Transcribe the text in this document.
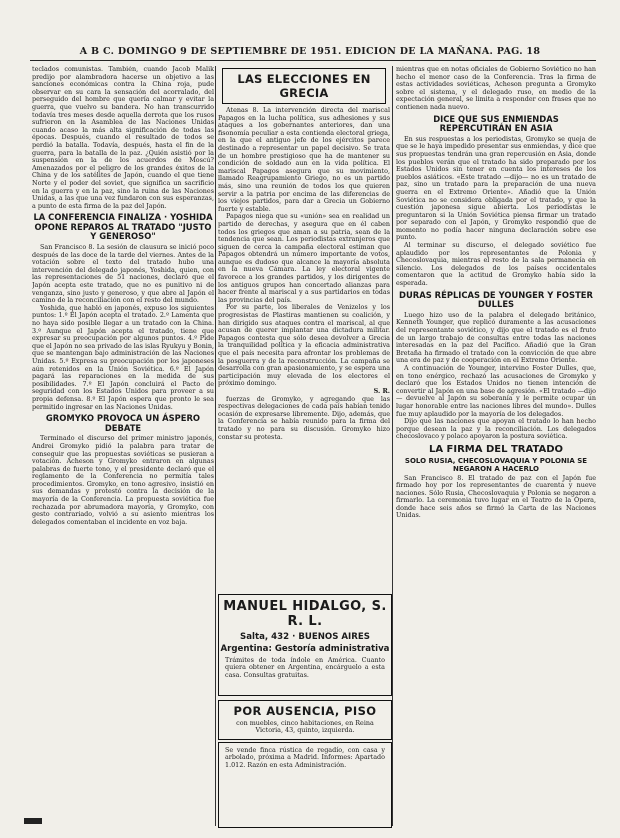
A B C. DOMINGO 9 DE SEPTIEMBRE DE 1951. EDICION DE LA MAÑANA. PAG. 18

teclados comunistas. También, cuando Jacob Malik predijo por alambradora hacerse un objetivo a las sanciones económicas contra la China roja, pude observar en su cara la sensación del acorralado, del perseguido del hombre que quería calmar y evitar la guerra, que vuelvo su bandera. No han transcurrido todavía tres meses desde aquella derrota que los rusos sufrieron en la Asamblea de las Naciones Unidas cuando acaso la más alta significación de todas las épocas. Después, cuando el resultado de todos se perdió la batalla. Todavía, después, hasta el fin de la guerra, para la batalla de la paz. ¿Quién asistió por la suspensión en la de los acuerdos de Moscú? Amenazados por el peligro de los grandes éxitos de la China y de los satélites de Japón, cuando el que tiene Norte y el poder del soviet, que significa un sacrificio en la guerra y en la paz, sino la ruina de las Naciones Unidas, a las que una vez fundaron con sus esperanzas, a punto de esta firma de la paz del Japón.

LA CONFERENCIA FINALIZA · YOSHIDA OPONE REPAROS AL TRATADO "JUSTO Y GENEROSO"

San Francisco 8. La sesión de clausura se inició poco después de las doce de la tarde del viernes. Antes de la votación sobre el texto del tratado hubo una intervención del delegado japonés, Yoshida, quien, con las representaciones de 51 naciones, declaró que el Japón acepta este tratado, que no es punitivo ni de venganza, sino justo y generoso, y que abre al Japón el camino de la reconciliación con el resto del mundo.

Yoshida, que habló en japonés, expuso los siguientes puntos: 1.º El Japón acepta el tratado. 2.º Lamenta que no haya sido posible llegar a un tratado con la China. 3.º Aunque el Japón acepta el tratado, tiene que expresar su preocupación por algunos puntos. 4.º Pide que el Japón no sea privado de las islas Ryukyu y Bonin, que se mantengan bajo administración de las Naciones Unidas. 5.º Expresa su preocupación por los japoneses aún retenidos en la Unión Soviética. 6.º El Japón pagará las reparaciones en la medida de sus posibilidades. 7.º El Japón concluirá el Pacto de seguridad con los Estados Unidos para proveer a su propia defensa. 8.º El Japón espera que pronto le sea permitido ingresar en las Naciones Unidas.

GROMYKO PROVOCA UN ÁSPERO DEBATE

Terminado el discurso del primer ministro japonés, Andrei Gromyko pidió la palabra para tratar de conseguir que las propuestas soviéticas se pusieran a votación. Acheson y Gromyko entraron en algunas palabras de fuerte tono, y el presidente declaró que el reglamento de la Conferencia no permitía tales procedimientos. Gromyko, en tono agresivo, insistió en sus demandas y protestó contra la decisión de la mayoría de la Conferencia. La propuesta soviética fue rechazada por abrumadora mayoría, y Gromyko, con gesto contrariado, volvió a su asiento mientras los delegados comentaban el incidente en voz baja.

LAS ELECCIONES EN GRECIA

Atenas 8. La intervención directa del mariscal Papagos en la lucha política, sus adhesiones y sus ataques a los gobernantes anteriores, dan una fisonomía peculiar a esta contienda electoral griega, en la que el antiguo jefe de los ejércitos parece destinado a representar un papel decisivo. Se trata de un hombre prestigioso que ha de mantener su condición de soldado aun en la vida política. El mariscal Papagos asegura que su movimiento, llamado Reagrupamiento Griego, no es un partido más, sino una reunión de todos los que quieren servir a la patria por encima de las diferencias de los viejos partidos, para dar a Grecia un Gobierno fuerte y estable.

Papagos niega que su «unión» sea en realidad un partido de derechas, y asegura que en él caben todos los griegos que aman a su patria, sean de la tendencia que sean. Los periodistas extranjeros que siguen de cerca la campaña electoral estiman que Papagos obtendrá un número importante de votos, aunque es dudoso que alcance la mayoría absoluta en la nueva Cámara. La ley electoral vigente favorece a los grandes partidos, y los dirigentes de los antiguos grupos han concertado alianzas para hacer frente al mariscal y a sus partidarios en todas las provincias del país.

Por su parte, los liberales de Venizelos y los progresistas de Plastiras mantienen su coalición, y han dirigido sus ataques contra el mariscal, al que acusan de querer implantar una dictadura militar. Papagos contesta que sólo desea devolver a Grecia la tranquilidad política y la eficacia administrativa que el país necesita para afrontar los problemas de la posguerra y de la reconstrucción. La campaña se desarrolla con gran apasionamiento, y se espera una participación muy elevada de los electores el próximo domingo.

S. R.

fuerzas de Gromyko, y agregando que las respectivas delegaciones de cada país habían tenido ocasión de expresarse libremente. Dijo, además, que la Conferencia se había reunido para la firma del tratado y no para su discusión. Gromyko hizo constar su protesta.

MANUEL HIDALGO, S. R. L.
Salta, 432 · BUENOS AIRES
Argentina: Gestoría administrativa
Trámites de toda índole en América. Cuanto quiera obtener en Argentina, encárguelo a esta casa. Consultas gratuitas.
POR AUSENCIA, PISO
con muebles, cinco habitaciones, en Reina Victoria, 43, quinto, izquierda.
Se vende finca rústica de regadío, con casa y arbolado, próxima a Madrid. Informes: Apartado 1.012. Razón en esta Administración.

mientras que en notas oficiales de Gobierno Soviético no han hecho el menor caso de la Conferencia. Tras la firma de estas actividades soviéticas, Acheson pregunta a Gromyko sobre el sistema, y el delegado ruso, en medio de la expectación general, se limita a responder con frases que no contienen nada nuevo.

DICE QUE SUS ENMIENDAS REPERCUTIRÁN EN ASIA

En sus respuestas a los periodistas, Gromyko se queja de que se le haya impedido presentar sus enmiendas, y dice que sus propuestas tendrán una gran repercusión en Asia, donde los pueblos verán que el tratado ha sido preparado por los Estados Unidos sin tener en cuenta los intereses de los pueblos asiáticos. «Este tratado —dijo— no es un tratado de paz, sino un tratado para la preparación de una nueva guerra en el Extremo Oriente». Añadió que la Unión Soviética no se considera obligada por el tratado, y que la cuestión japonesa sigue abierta. Los periodistas le preguntaron si la Unión Soviética piensa firmar un tratado por separado con el Japón, y Gromyko respondió que de momento no podía hacer ninguna declaración sobre ese punto.

Al terminar su discurso, el delegado soviético fue aplaudido por los representantes de Polonia y Checoslovaquia, mientras el resto de la sala permanecía en silencio. Los delegados de los países occidentales comentaron que la actitud de Gromyko había sido la esperada.

DURAS RÉPLICAS DE YOUNGER Y FOSTER DULLES

Luego hizo uso de la palabra el delegado británico, Kenneth Younger, que replicó duramente a las acusaciones del representante soviético, y dijo que el tratado es el fruto de un largo trabajo de consultas entre todas las naciones interesadas en la paz del Pacífico. Añadió que la Gran Bretaña ha firmado el tratado con la convicción de que abre una era de paz y de cooperación en el Extremo Oriente.

A continuación de Younger, intervino Foster Dulles, que, en tono enérgico, rechazó las acusaciones de Gromyko y declaró que los Estados Unidos no tienen intención de convertir al Japón en una base de agresión. «El tratado —dijo— devuelve al Japón su soberanía y le permite ocupar un lugar honorable entre las naciones libres del mundo». Dulles fue muy aplaudido por la mayoría de los delegados.

Dijo que las naciones que apoyan el tratado lo han hecho porque desean la paz y la reconciliación. Los delegados checoslovaco y polaco apoyaron la postura soviética.

LA FIRMA DEL TRATADO
SOLO RUSIA, CHECOSLOVAQUIA Y POLONIA SE NEGARON A HACERLO

San Francisco 8. El tratado de paz con el Japón fue firmado hoy por los representantes de cuarenta y nueve naciones. Sólo Rusia, Checoslovaquia y Polonia se negaron a firmarlo. La ceremonia tuvo lugar en el Teatro de la Ópera, donde hace seis años se firmó la Carta de las Naciones Unidas.
